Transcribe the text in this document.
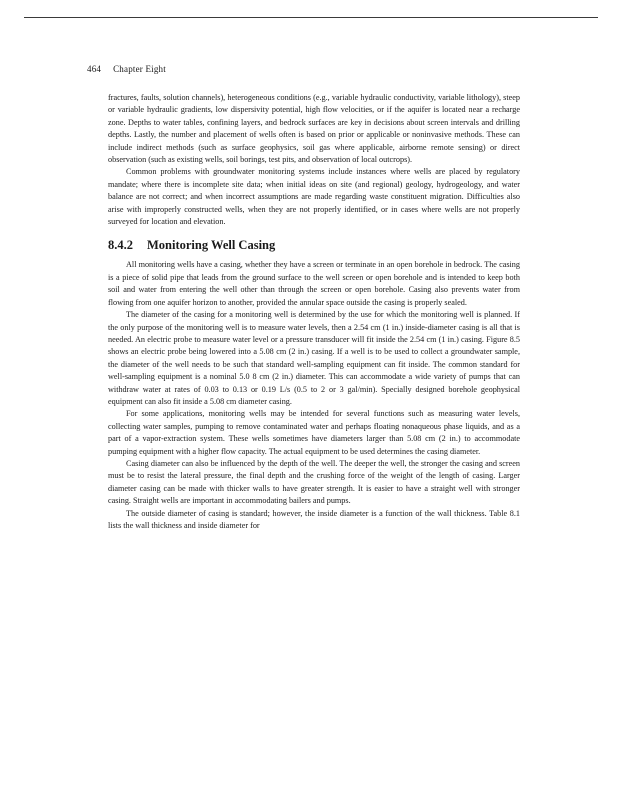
464 Chapter Eight

fractures, faults, solution channels), heterogeneous conditions (e.g., variable hydraulic conductivity, variable lithology), steep or variable hydraulic gradients, low dispersivity potential, high flow velocities, or if the aquifer is located near a recharge zone. Depths to water tables, confining layers, and bedrock surfaces are key in decisions about screen intervals and drilling depths. Lastly, the number and placement of wells often is based on prior or applicable or noninvasive methods. These can include indirect methods (such as surface geophysics, soil gas where applicable, airborne remote sensing) or direct observation (such as existing wells, soil borings, test pits, and observation of local outcrops).

Common problems with groundwater monitoring systems include instances where wells are placed by regulatory mandate; where there is incomplete site data; when initial ideas on site (and regional) geology, hydrogeology, and water balance are not correct; and when incorrect assumptions are made regarding waste constituent migration. Difficulties also arise with improperly constructed wells, when they are not properly identified, or in cases where wells are not properly surveyed for location and elevation.

8.4.2 Monitoring Well Casing

All monitoring wells have a casing, whether they have a screen or terminate in an open borehole in bedrock. The casing is a piece of solid pipe that leads from the ground surface to the well screen or open borehole and is intended to keep both soil and water from entering the well other than through the screen or open borehole. Casing also prevents water from flowing from one aquifer horizon to another, provided the annular space outside the casing is properly sealed.

The diameter of the casing for a monitoring well is determined by the use for which the monitoring well is planned. If the only purpose of the monitoring well is to measure water levels, then a 2.54 cm (1 in.) inside-diameter casing is all that is needed. An electric probe to measure water level or a pressure transducer will fit inside the 2.54 cm (1 in.) casing. Figure 8.5 shows an electric probe being lowered into a 5.08 cm (2 in.) casing. If a well is to be used to collect a groundwater sample, the diameter of the well needs to be such that standard well-sampling equipment can fit inside. The common standard for well-sampling equipment is a nominal 5.0 8 cm (2 in.) diameter. This can accommodate a wide variety of pumps that can withdraw water at rates of 0.03 to 0.13 or 0.19 L/s (0.5 to 2 or 3 gal/min). Specially designed borehole geophysical equipment can also fit inside a 5.08 cm diameter casing.

For some applications, monitoring wells may be intended for several functions such as measuring water levels, collecting water samples, pumping to remove contaminated water and perhaps floating nonaqueous phase liquids, and as a part of a vapor-extraction system. These wells sometimes have diameters larger than 5.08 cm (2 in.) to accommodate pumping equipment with a higher flow capacity. The actual equipment to be used determines the casing diameter.

Casing diameter can also be influenced by the depth of the well. The deeper the well, the stronger the casing and screen must be to resist the lateral pressure, the final depth and the crushing force of the weight of the length of casing. Larger diameter casing can be made with thicker walls to have greater strength. It is easier to have a straight well with stronger casing. Straight wells are important in accommodating bailers and pumps.

The outside diameter of casing is standard; however, the inside diameter is a function of the wall thickness. Table 8.1 lists the wall thickness and inside diameter for
